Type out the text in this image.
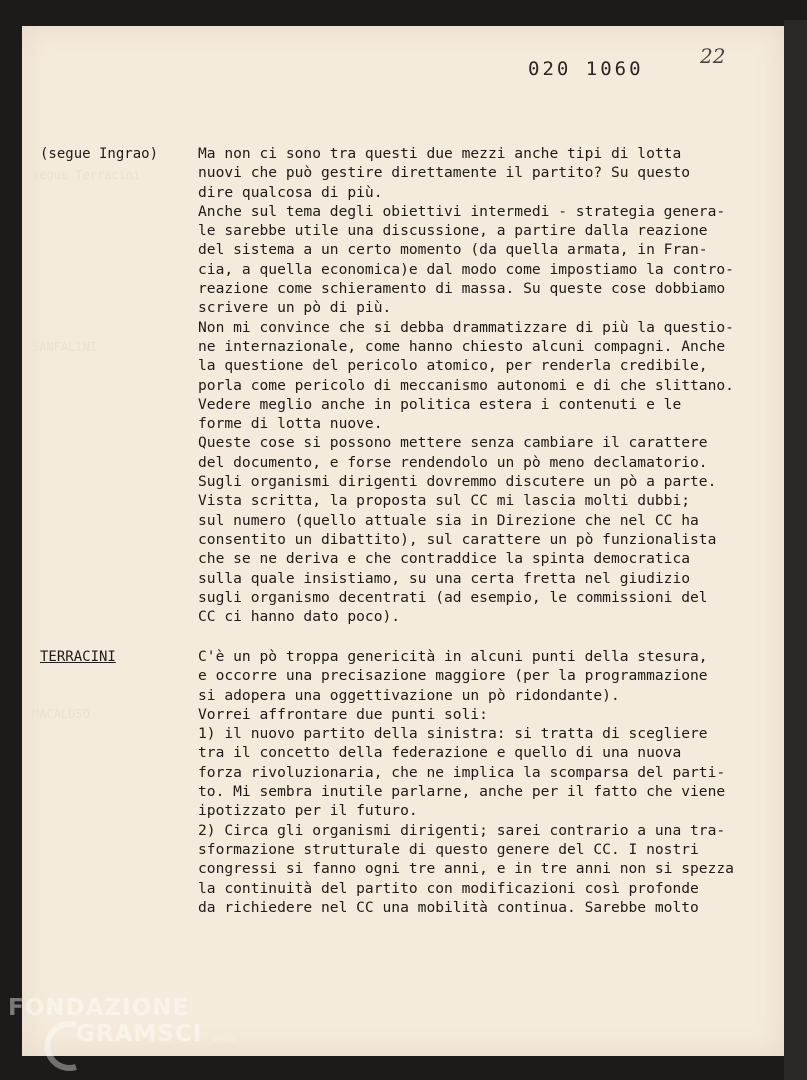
segue Terracini
SANFALINI
MACALUSO
020 1060
22
(segue Ingrao)	Ma non ci sono tra questi due mezzi anche tipi di lotta
nuovi che può gestire direttamente il partito? Su questo
dire qualcosa di più.
Anche sul tema degli obiettivi intermedi - strategia genera-
le sarebbe utile una discussione, a partire dalla reazione
del sistema a un certo momento (da quella armata, in Fran-
cia, a quella economica)e dal modo come impostiamo la contro-
reazione come schieramento di massa. Su queste cose dobbiamo
scrivere un pò di più.
Non mi convince che si debba drammatizzare di più la questio-
ne internazionale, come hanno chiesto alcuni compagni. Anche
la questione del pericolo atomico, per renderla credibile,
porla come pericolo di meccanismo autonomi e di che slittano.
Vedere meglio anche in politica estera i contenuti e le
forme di lotta nuove.
Queste cose si possono mettere senza cambiare il carattere
del documento, e forse rendendolo un pò meno declamatorio.
Sugli organismi dirigenti dovremmo discutere un pò a parte.
Vista scritta, la proposta sul CC mi lascia molti dubbi;
sul numero (quello attuale sia in Direzione che nel CC ha
consentito un dibattito), sul carattere un pò funzionalista
che se ne deriva e che contraddice la spinta democratica
sulla quale insistiamo, su una certa fretta nel giudizio
sugli organismo decentrati (ad esempio, le commissioni del
CC ci hanno dato poco).
TERRACINI	C'è un pò troppa genericità in alcuni punti della stesura,
e occorre una precisazione maggiore (per la programmazione
si adopera una oggettivazione un pò ridondante).
Vorrei affrontare due punti soli:
1) il nuovo partito della sinistra: si tratta di scegliere
tra il concetto della federazione e quello di una nuova
forza rivoluzionaria, che ne implica la scomparsa del parti-
to. Mi sembra inutile parlarne, anche per il fatto che viene
ipotizzato per il futuro.
2) Circa gli organismi dirigenti; sarei contrario a una tra-
sformazione strutturale di questo genere del CC. I nostri
congressi si fanno ogni tre anni, e in tre anni non si spezza
la continuità del partito con modificazioni così profonde
da richiedere nel CC una mobilità continua. Sarebbe molto
FONDAZIONE
GRAMSCI onlus
